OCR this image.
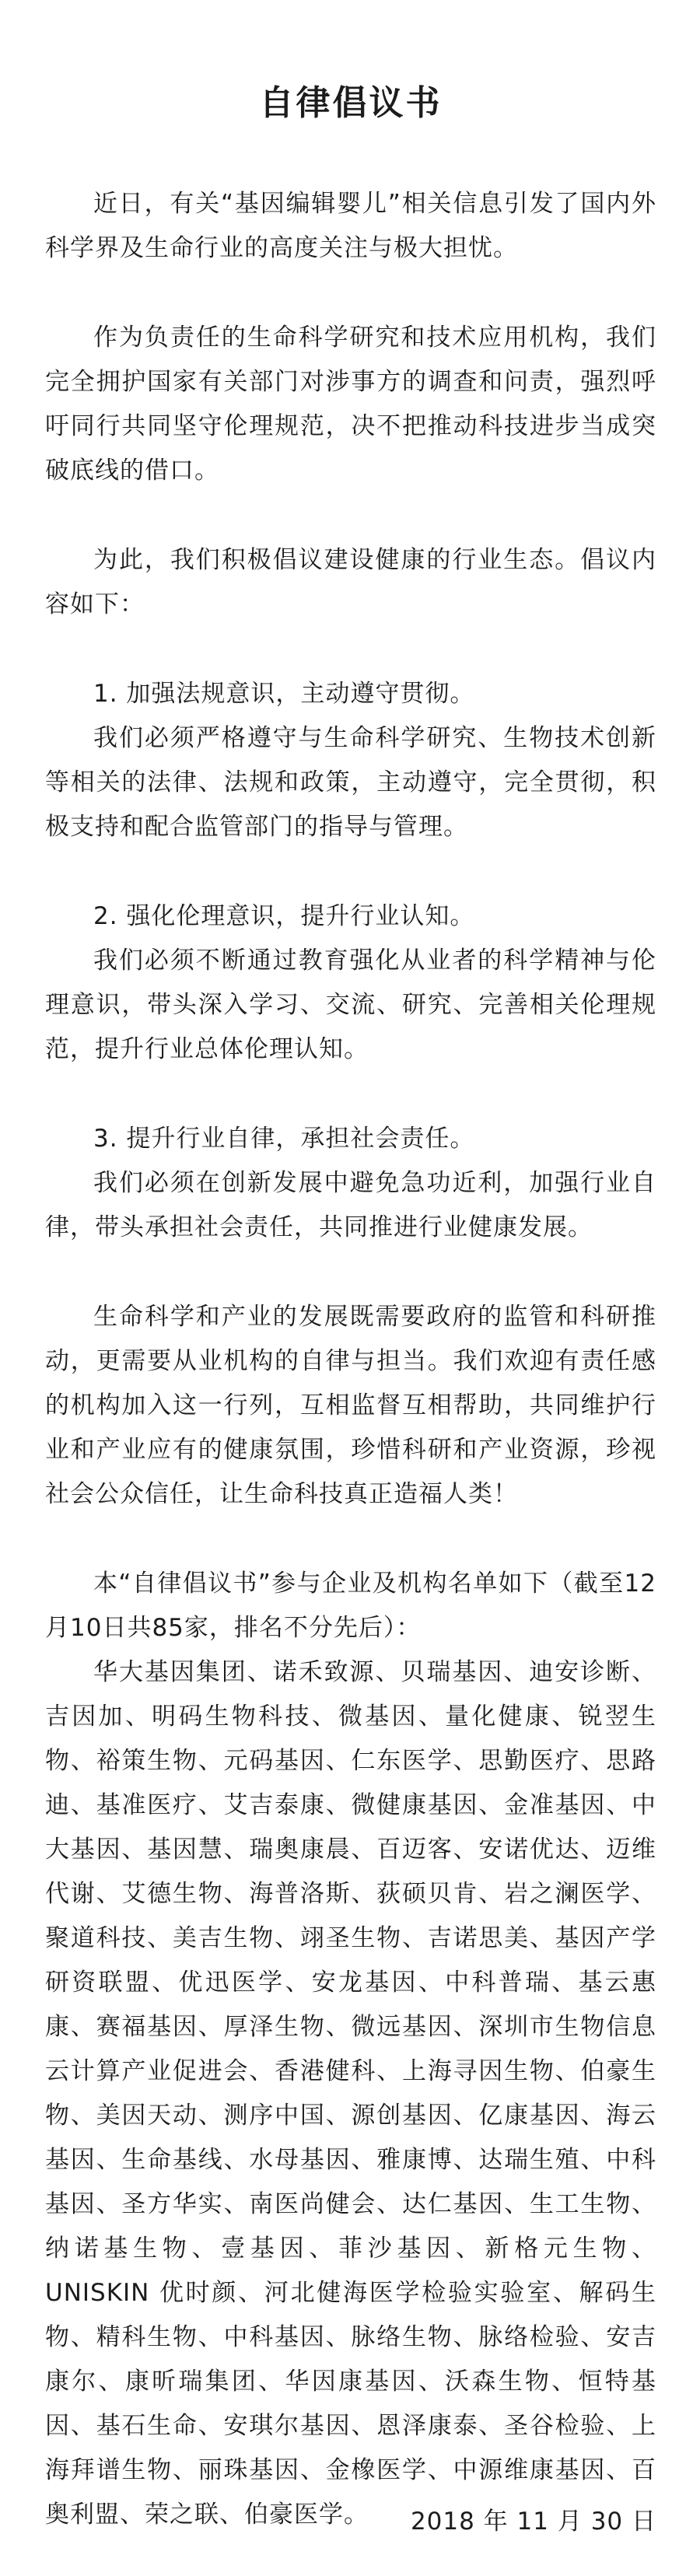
自律倡议书

近日，有关“基因编辑婴儿”相关信息引发了国内外科学界及生命行业的高度关注与极大担忧。

作为负责任的生命科学研究和技术应用机构，我们完全拥护国家有关部门对涉事方的调查和问责，强烈呼吁同行共同坚守伦理规范，决不把推动科技进步当成突破底线的借口。

为此，我们积极倡议建设健康的行业生态。倡议内容如下：

1. 加强法规意识，主动遵守贯彻。

我们必须严格遵守与生命科学研究、生物技术创新等相关的法律、法规和政策，主动遵守，完全贯彻，积极支持和配合监管部门的指导与管理。

2. 强化伦理意识，提升行业认知。

我们必须不断通过教育强化从业者的科学精神与伦理意识，带头深入学习、交流、研究、完善相关伦理规范，提升行业总体伦理认知。

3. 提升行业自律，承担社会责任。

我们必须在创新发展中避免急功近利，加强行业自律，带头承担社会责任，共同推进行业健康发展。

生命科学和产业的发展既需要政府的监管和科研推动，更需要从业机构的自律与担当。我们欢迎有责任感的机构加入这一行列，互相监督互相帮助，共同维护行业和产业应有的健康氛围，珍惜科研和产业资源，珍视社会公众信任，让生命科技真正造福人类！

本“自律倡议书”参与企业及机构名单如下（截至12月10日共85家，排名不分先后）：

华大基因集团、诺禾致源、贝瑞基因、迪安诊断、吉因加、明码生物科技、微基因、量化健康、锐翌生物、裕策生物、元码基因、仁东医学、思勤医疗、思路迪、基准医疗、艾吉泰康、微健康基因、金准基因、中大基因、基因慧、瑞奥康晨、百迈客、安诺优达、迈维代谢、艾德生物、海普洛斯、荻硕贝肯、岩之澜医学、聚道科技、美吉生物、翊圣生物、吉诺思美、基因产学研资联盟、优迅医学、安龙基因、中科普瑞、基云惠康、赛福基因、厚泽生物、微远基因、深圳市生物信息云计算产业促进会、香港健科、上海寻因生物、伯豪生物、美因天动、测序中国、源创基因、亿康基因、海云基因、生命基线、水母基因、雅康博、达瑞生殖、中科基因、圣方华实、南医尚健会、达仁基因、生工生物、纳诺基生物、壹基因、菲沙基因、新格元生物、UNISKIN 优时颜、河北健海医学检验实验室、解码生物、精科生物、中科基因、脉络生物、脉络检验、安吉康尔、康昕瑞集团、华因康基因、沃森生物、恒特基因、基石生命、安琪尔基因、恩泽康泰、圣谷检验、上海拜谱生物、丽珠基因、金橡医学、中源维康基因、百奥利盟、荣之联、伯豪医学。	2018 年 11 月 30 日
